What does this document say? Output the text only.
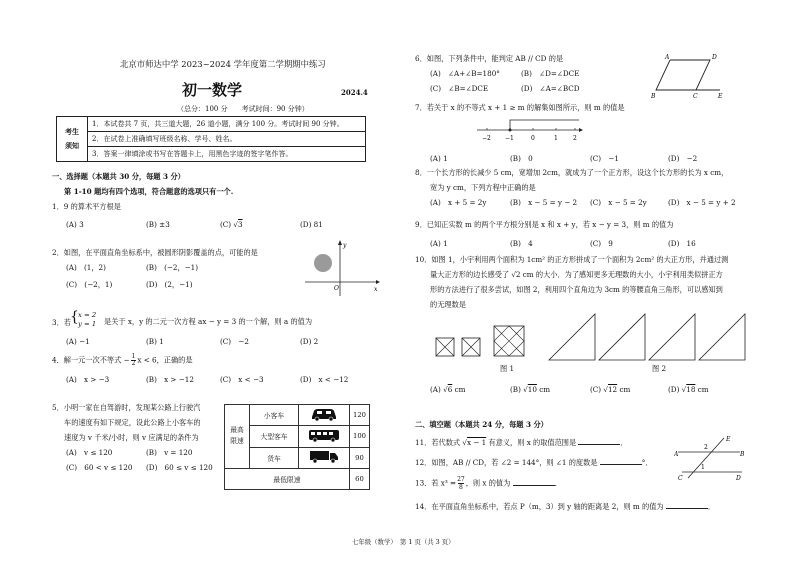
北京市师达中学 2023~2024 学年度第二学期期中练习
初一数学	2024.4
（总分：100 分　　考试时间：90 分钟）
考生
须知	1．本试卷共 7 页，共三道大题，26 道小题，满分 100 分。考试时间 90 分钟。
2．在试卷上准确填写班级名称、学号、姓名。
3．答案一律填涂或书写在答题卡上，用黑色字迹的签字笔作答。
一、选择题（本题共 30 分，每题 3 分）
第 1-10 题均有四个选项，符合题意的选项只有一个.
1．9 的算术平方根是
(A) 3	(B) ±3	(C) √3	(D) 81
2．如图，在平面直角坐标系中，被圆形阴影覆盖的点，可能的是
(A)　(1，2)	(B)　(−2，−1)
(C)　(−2，1)	(D)　(2，−1)
y
x
O
3．若 { x = 2
y = 1 是关于 x，y 的二元一次方程 ax − y = 3 的一个解，则 a 的值为
(A) −1	(B) 1	(C)　−2	(D) 2
4．解一元一次不等式 $-\frac{1}{2}x < 6$，正确的是
(A)　x > −3	(B)　x > −12	(C)　x < −3	(D)　x < −12
5．小明一家在自驾游时，发现某公路上行驶汽
车的速度有如下规定，设此公路上小客车的
速度为 v 千米/小时，则 v 应满足的条件为
(A)　v ≤ 120	(B)　v = 120
(C)　60 < v ≤ 120 (D)　60 ≤ v ≤ 120
最高
限速	小客车		120
	大型客车		100
	货车		90
最低限速			60
6．如图，下列条件中，能判定 AB // CD 的是
(A)　∠A+∠B=180°	(B)　∠D=∠DCE
(C)　∠B=∠DCE	(D)　∠A=∠BCD
A	D
B	C	E
7．若关于 x 的不等式 x + 1 ≥ m 的解集如图所示，则 m 的值是
−2 −1	0	1	2
(A) 1	(B)　0	(C)　−1	(D)　−2
8．一个长方形的长减少 5 cm，宽增加 2cm，就成为了一个正方形，设这个长方形的长为 x cm，
宽为 y cm，下列方程中正确的是
(A)　x + 5 = 2y	(B)　x − 5 = y − 2 (C)　x − 5 = 2y	(D)　x − 5 = y + 2
9．已知正实数 m 的两个平方根分别是 x 和 x + y，若 x − y = 3，则 m 的值为
(A) 1	(B)　4	(C)　9	(D)　16
10．如图 1，小宇利用两个面积为 1cm² 的正方形拼成了一个面积为 2cm² 的大正方形，并通过测
量大正方形的边长感受了 √2 cm 的大小．为了感知更多无理数的大小，小宇利用类似拼正方
形的方法进行了很多尝试，如图 2，利用四个直角边为 3cm 的等腰直角三角形，可以感知到
的无理数是
图 1	图 2
(A) √6 cm	(B) √10 cm	(C) √12 cm	(D) √18 cm
二、填空题（本题共 24 分，每题 3 分）
11．若代数式 √x − 1 有意义，则 x 的取值范围是	．
12．如图，AB // CD，若 ∠2 = 144°，则 ∠1 的度数是	°．
E
A	B
C	D
2
1
13．若 $x^3 =\frac{27}{8}$，则 x 的值为	．
14．在平面直角坐标系中，若点 P（m，3）到 y 轴的距离是 2，则 m 的值为	．
七年级（数学）　第 1 页（共 3 页）
